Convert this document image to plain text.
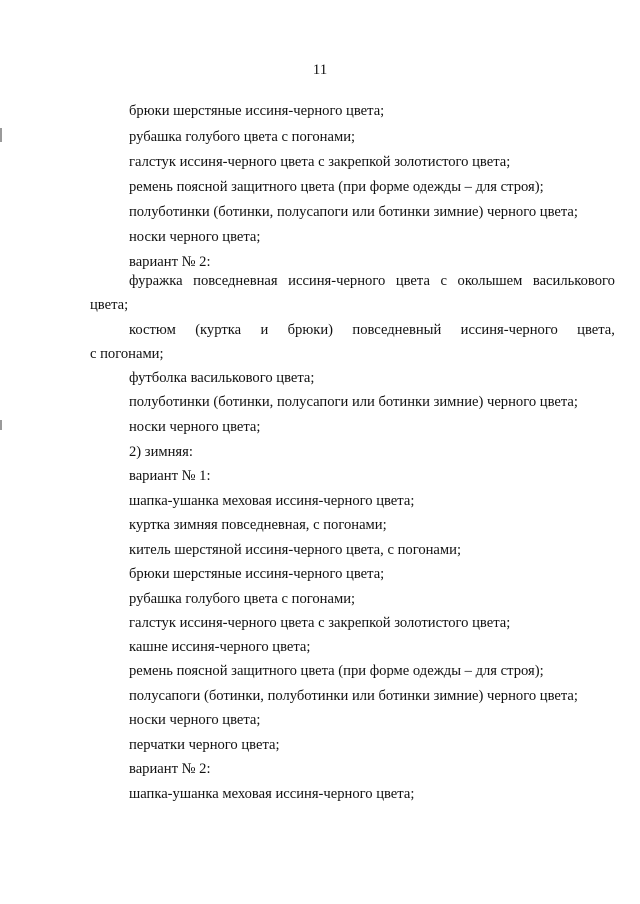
11
брюки шерстяные иссиня-черного цвета;
рубашка голубого цвета с погонами;
галстук иссиня-черного цвета с закрепкой золотистого цвета;
ремень поясной защитного цвета (при форме одежды – для строя);
полуботинки (ботинки, полусапоги или ботинки зимние) черного цвета;
носки черного цвета;
вариант № 2:
фуражка повседневная иссиня-черного цвета с околышем василькового
цвета;
костюм (куртка и брюки) повседневный иссиня-черного цвета,
с погонами;
футболка василькового цвета;
полуботинки (ботинки, полусапоги или ботинки зимние) черного цвета;
носки черного цвета;
2) зимняя:
вариант № 1:
шапка-ушанка меховая иссиня-черного цвета;
куртка зимняя повседневная, с погонами;
китель шерстяной иссиня-черного цвета, с погонами;
брюки шерстяные иссиня-черного цвета;
рубашка голубого цвета с погонами;
галстук иссиня-черного цвета с закрепкой золотистого цвета;
кашне иссиня-черного цвета;
ремень поясной защитного цвета (при форме одежды – для строя);
полусапоги (ботинки, полуботинки или ботинки зимние) черного цвета;
носки черного цвета;
перчатки черного цвета;
вариант № 2:
шапка-ушанка меховая иссиня-черного цвета;
